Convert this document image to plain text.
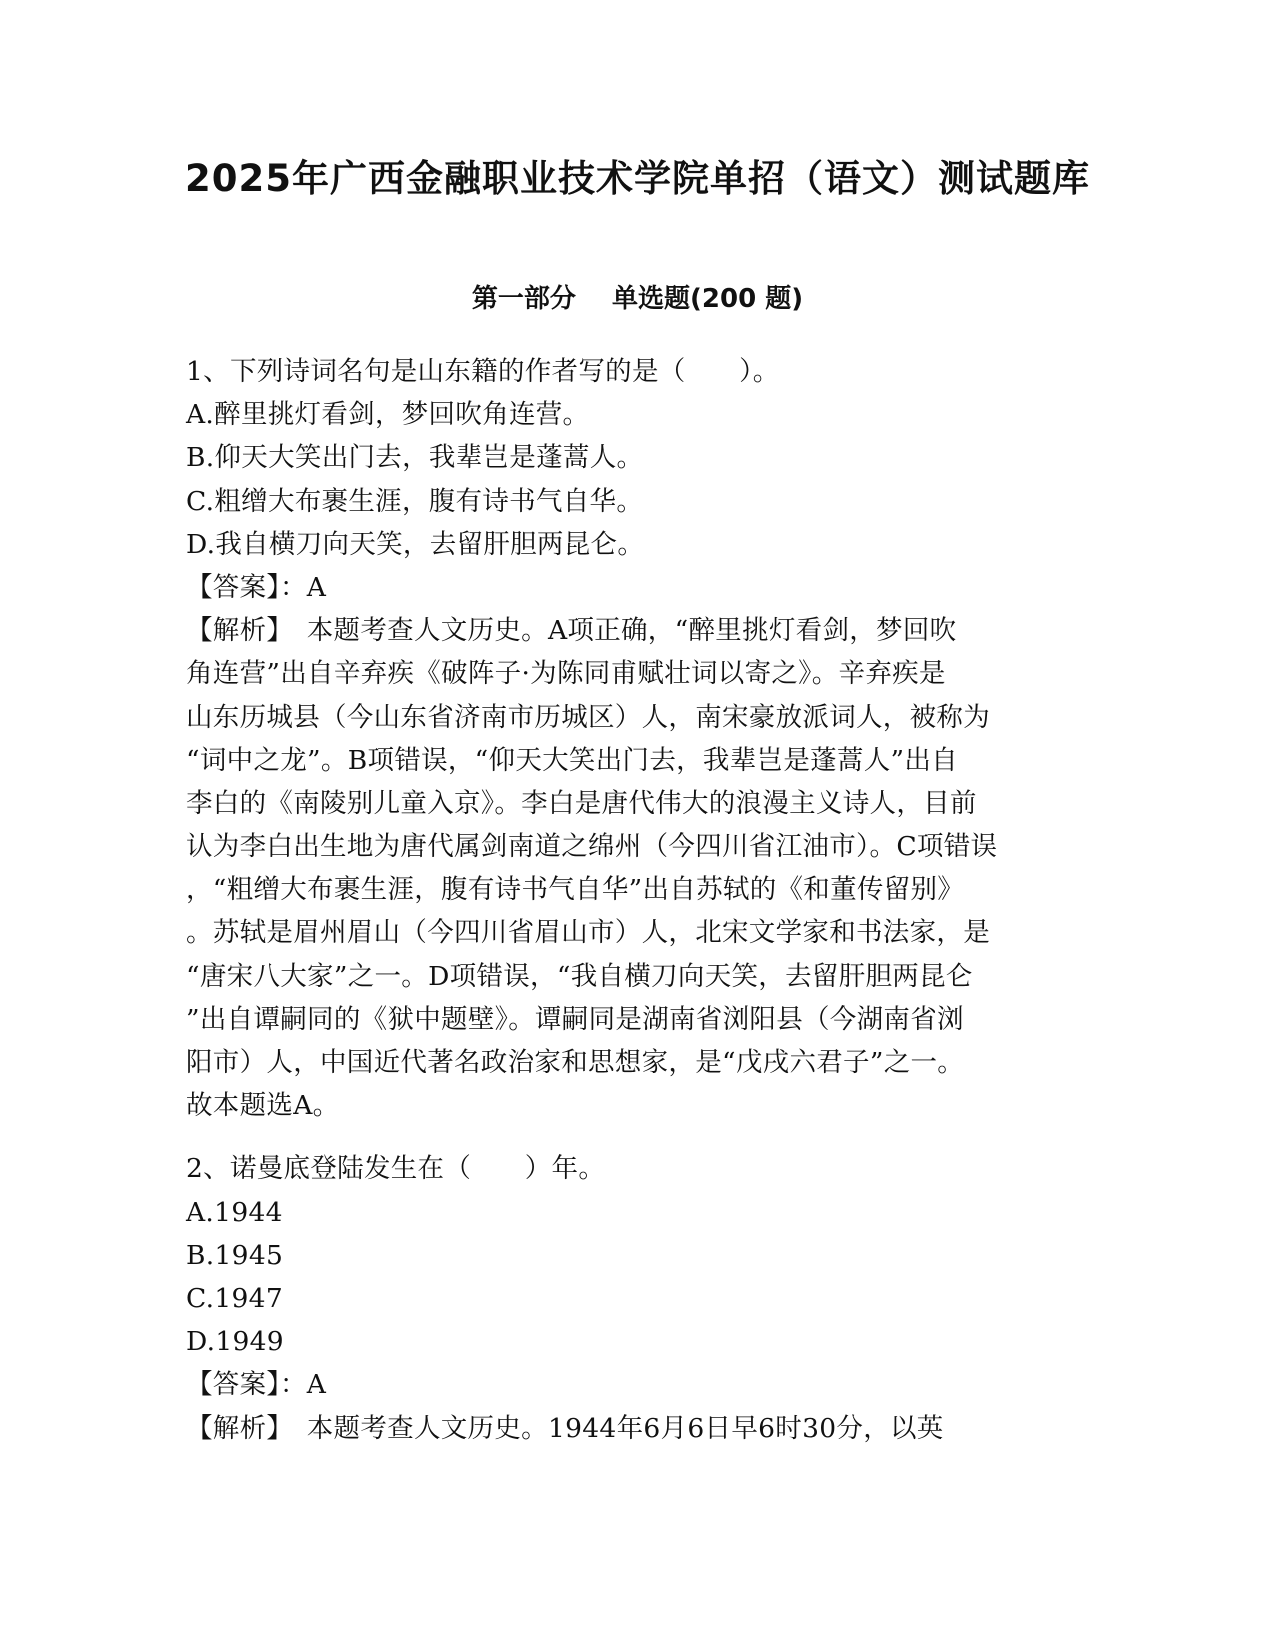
2025年广西金融职业技术学院单招（语文）测试题库
第一部分    单选题(200 题)

1、下列诗词名句是山东籍的作者写的是（　　）。

A.醉里挑灯看剑，梦回吹角连营。

B.仰天大笑出门去，我辈岂是蓬蒿人。

C.粗缯大布裹生涯，腹有诗书气自华。

D.我自横刀向天笑，去留肝胆两昆仑。

【答案】：A

【解析】　本题考查人文历史。A项正确，“醉里挑灯看剑，梦回吹

角连营”出自辛弃疾《破阵子·为陈同甫赋壮词以寄之》。辛弃疾是

山东历城县（今山东省济南市历城区）人，南宋豪放派词人，被称为

“词中之龙”。B项错误，“仰天大笑出门去，我辈岂是蓬蒿人”出自

李白的《南陵别儿童入京》。李白是唐代伟大的浪漫主义诗人，目前

认为李白出生地为唐代属剑南道之绵州（今四川省江油市）。C项错误

，“粗缯大布裹生涯，腹有诗书气自华”出自苏轼的《和董传留别》

。苏轼是眉州眉山（今四川省眉山市）人，北宋文学家和书法家，是

“唐宋八大家”之一。D项错误，“我自横刀向天笑，去留肝胆两昆仑

”出自谭嗣同的《狱中题壁》。谭嗣同是湖南省浏阳县（今湖南省浏

阳市）人，中国近代著名政治家和思想家，是“戊戌六君子”之一。

故本题选A。

2、诺曼底登陆发生在（　　）年。

A.1944

B.1945

C.1947

D.1949

【答案】：A

【解析】　本题考查人文历史。1944年6月6日早6时30分，以英
